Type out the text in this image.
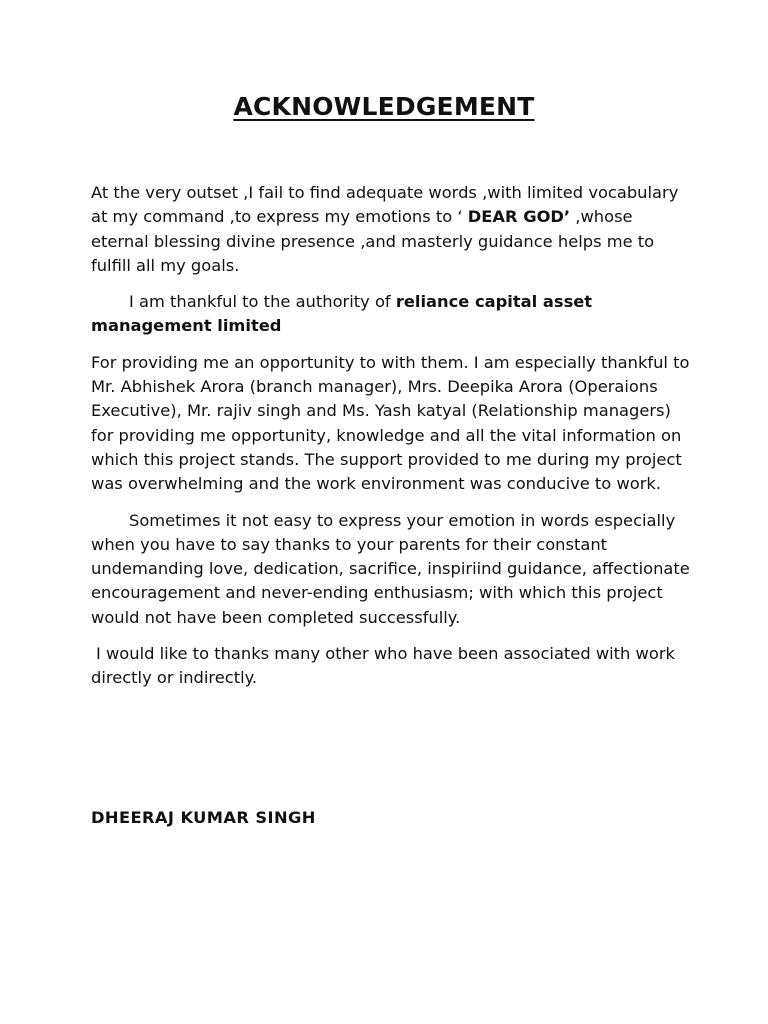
ACKNOWLEDGEMENT

At the very outset ,I fail to find adequate words ,with limited vocabulary at my command ,to express my emotions to ‘ DEAR GOD’ ,whose eternal blessing divine presence ,and masterly guidance helps me to fulfill all my goals.

I am thankful to the authority of reliance capital asset management limited

For providing me an opportunity to with them. I am especially thankful to Mr. Abhishek Arora (branch manager), Mrs. Deepika Arora (Operaions Executive), Mr. rajiv singh and Ms. Yash katyal (Relationship managers) for providing me opportunity, knowledge and all the vital information on which this project stands. The support provided to me during my project was overwhelming and the work environment was conducive to work.

Sometimes it not easy to express your emotion in words especially when you have to say thanks to your parents for their constant undemanding love, dedication, sacrifice, inspiriind guidance, affectionate encouragement and never-ending enthusiasm; with which this project would not have been completed successfully.

I would like to thanks many other who have been associated with work directly or indirectly.

DHEERAJ KUMAR SINGH
